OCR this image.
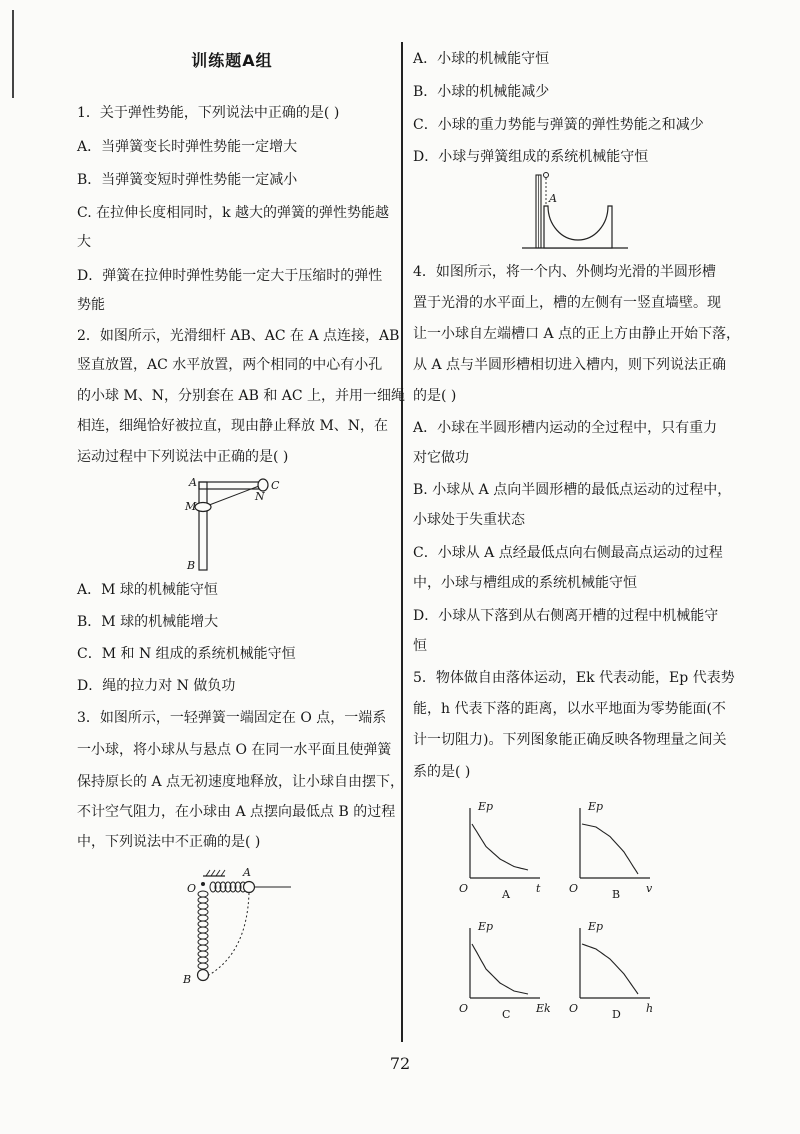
训练题A组
1．关于弹性势能，下列说法中正确的是( )
A．当弹簧变长时弹性势能一定增大
B．当弹簧变短时弹性势能一定减小
C. 在拉伸长度相同时，k 越大的弹簧的弹性势能越
大
D．弹簧在拉伸时弹性势能一定大于压缩时的弹性
势能
2．如图所示，光滑细杆 AB、AC 在 A 点连接，AB
竖直放置，AC 水平放置，两个相同的中心有小孔
的小球 M、N，分别套在 AB 和 AC 上，并用一细绳
相连，细绳恰好被拉直，现由静止释放 M、N，在
运动过程中下列说法中正确的是( )
A	C
M
N
B
A．M 球的机械能守恒
B．M 球的机械能增大
C．M 和 N 组成的系统机械能守恒
D．绳的拉力对 N 做负功
3．如图所示，一轻弹簧一端固定在 O 点，一端系
一小球，将小球从与悬点 O 在同一水平面且使弹簧
保持原长的 A 点无初速度地释放，让小球自由摆下，
不计空气阻力，在小球由 A 点摆向最低点 B 的过程
中，下列说法中不正确的是( )
O
A
B
A．小球的机械能守恒
B．小球的机械能减少
C．小球的重力势能与弹簧的弹性势能之和减少
D．小球与弹簧组成的系统机械能守恒
A
4．如图所示，将一个内、外侧均光滑的半圆形槽
置于光滑的水平面上，槽的左侧有一竖直墙壁。现
让一小球自左端槽口 A 点的正上方由静止开始下落，
从 A 点与半圆形槽相切进入槽内，则下列说法正确
的是( )
A．小球在半圆形槽内运动的全过程中，只有重力
对它做功
B. 小球从 A 点向半圆形槽的最低点运动的过程中，
小球处于失重状态
C．小球从 A 点经最低点向右侧最高点运动的过程
中，小球与槽组成的系统机械能守恒
D．小球从下落到从右侧离开槽的过程中机械能守
恒
5．物体做自由落体运动，Ek 代表动能，Ep 代表势
能，h 代表下落的距离，以水平地面为零势能面(不
计一切阻力)。下列图象能正确反映各物理量之间关
系的是( )
Ep
O	t
A
Ep
O	v
B
Ep
O	Ek
C
Ep
O	h
D
72
